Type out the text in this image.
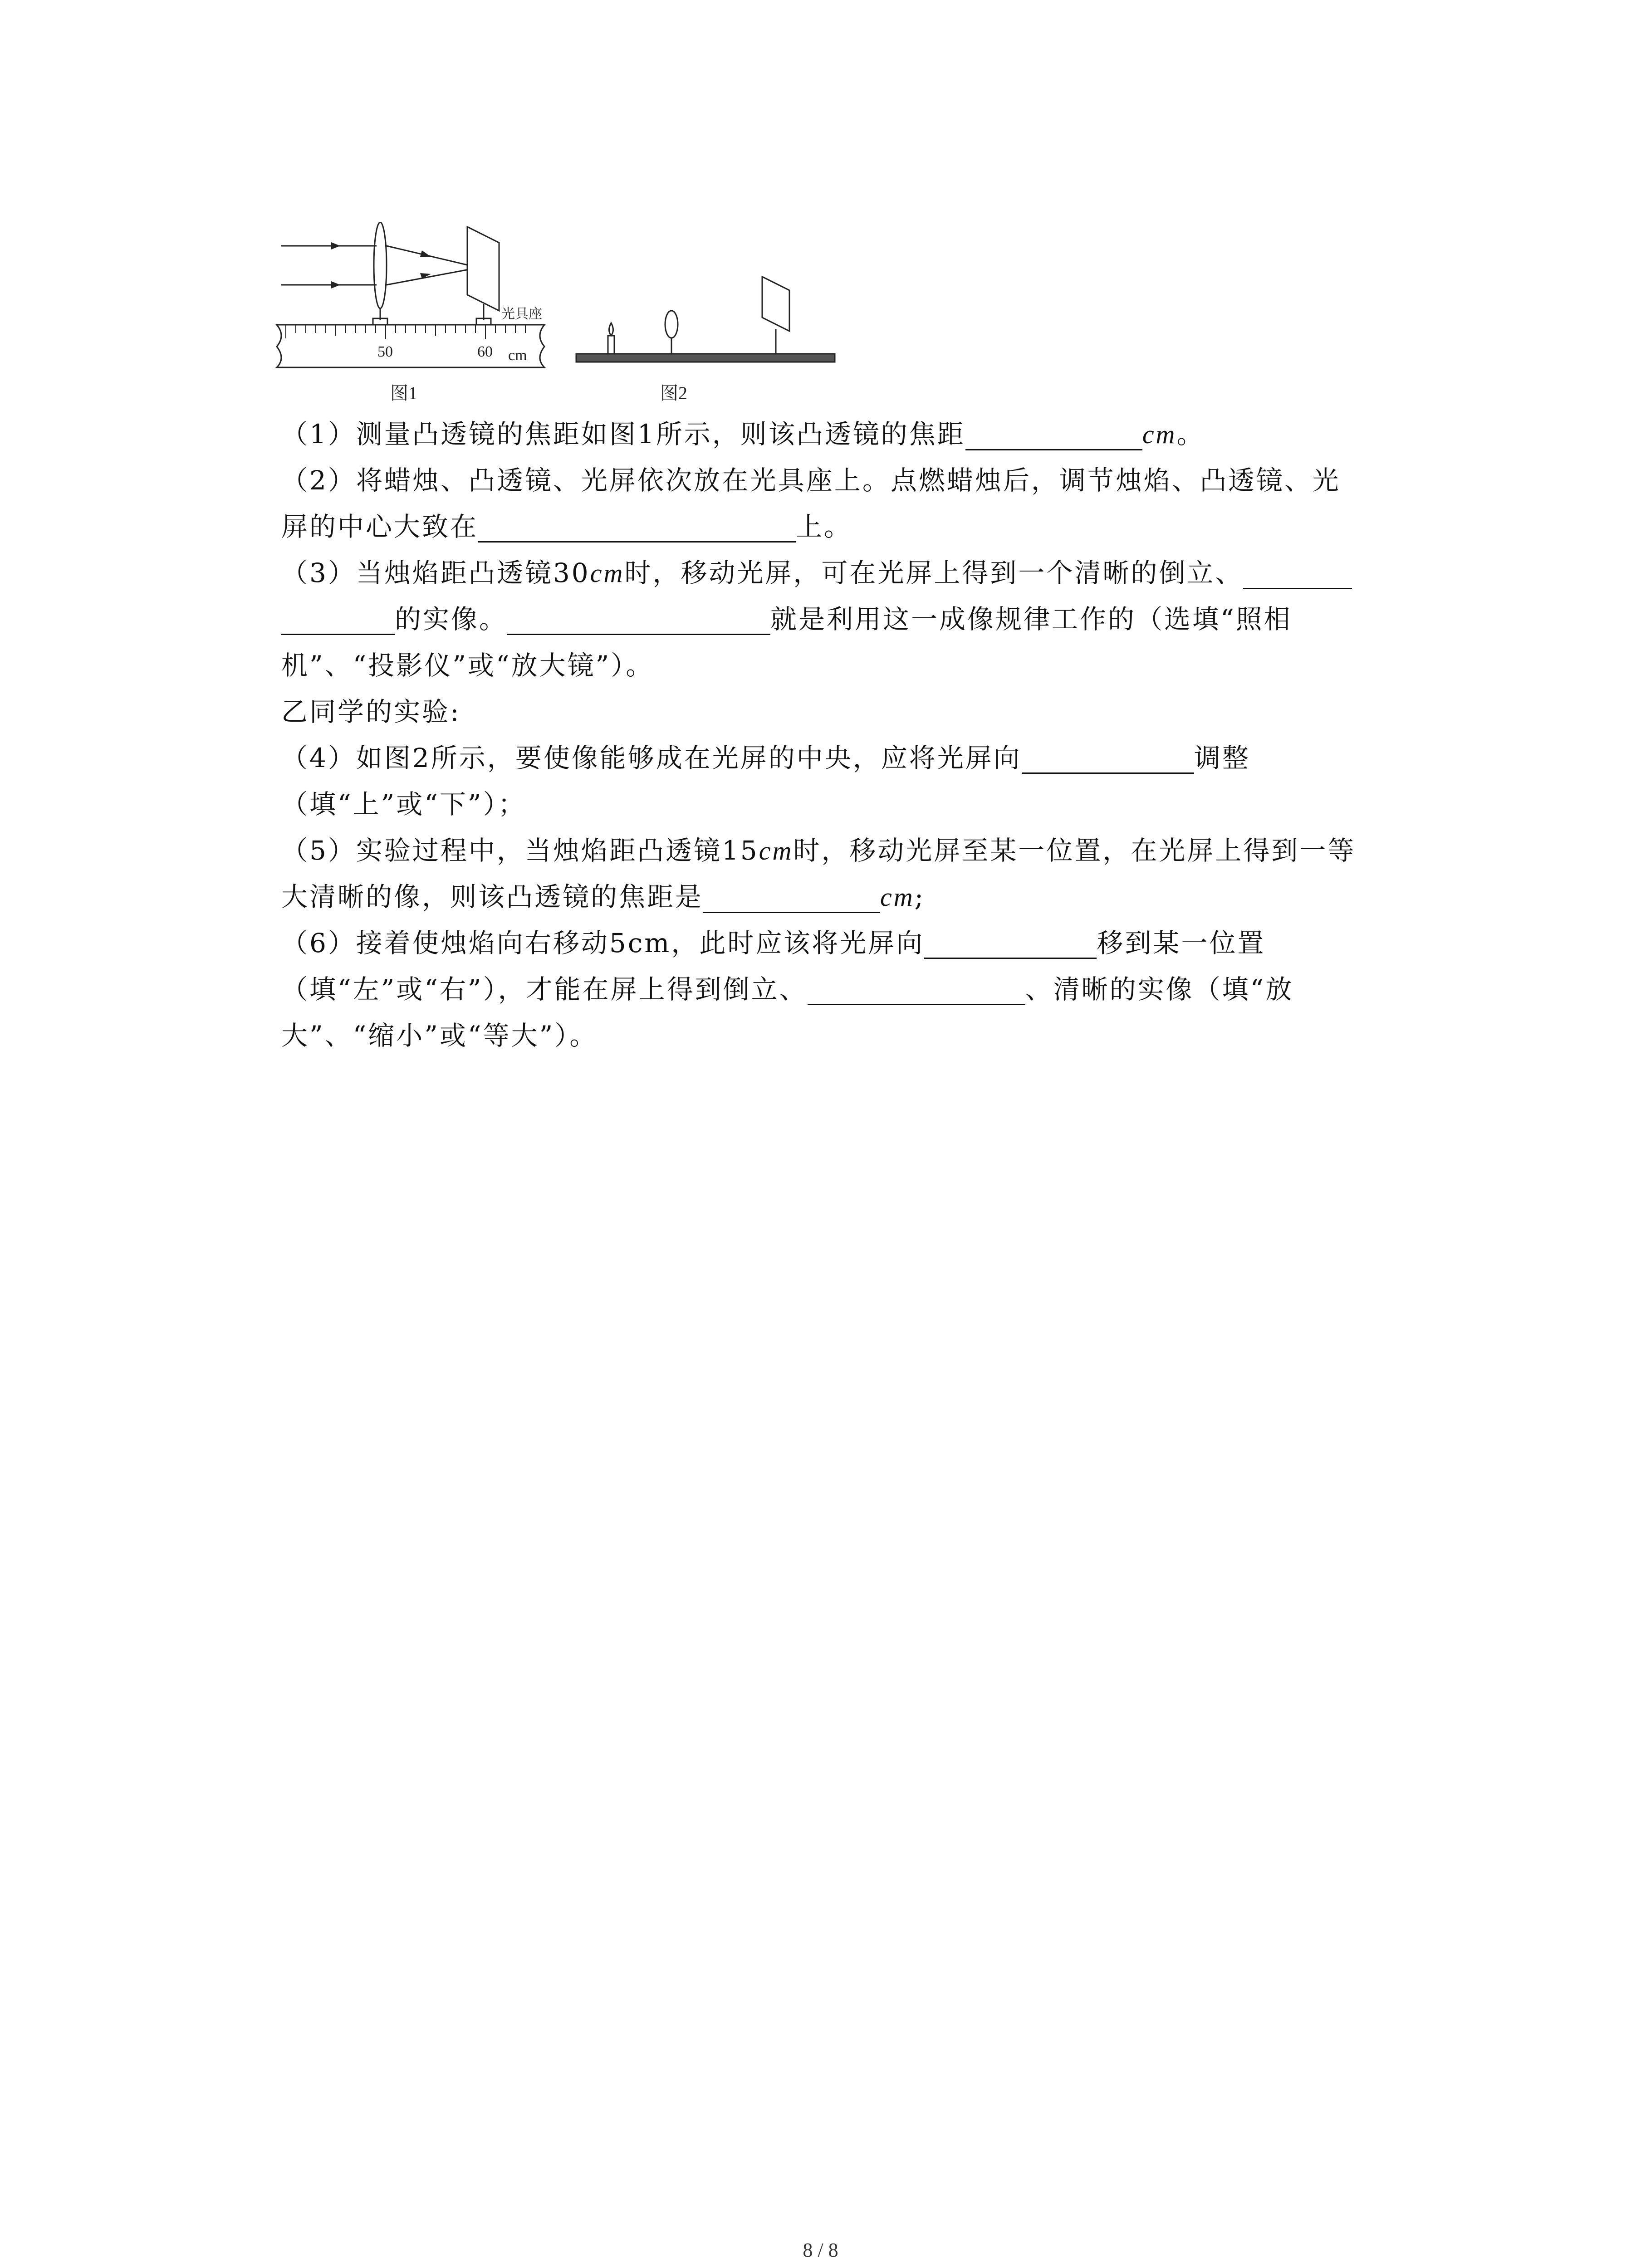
50	60 cm
光具座
图1	图2
（1）测量凸透镜的焦距如图1所示，则该凸透镜的焦距	cm。
（2）将蜡烛、凸透镜、光屏依次放在光具座上。点燃蜡烛后，调节烛焰、凸透镜、光
屏的中心大致在	上。
（3）当烛焰距凸透镜30cm时，移动光屏，可在光屏上得到一个清晰的倒立、
的实像。	就是利用这一成像规律工作的（选填“照相
机”、“投影仪”或“放大镜”）。
乙同学的实验:
（4）如图2所示，要使像能够成在光屏的中央，应将光屏向	调整
（填“上”或“下”）；
（5）实验过程中，当烛焰距凸透镜15cm时，移动光屏至某一位置，在光屏上得到一等
大清晰的像，则该凸透镜的焦距是	cm;
（6）接着使烛焰向右移动5cm，此时应该将光屏向	移到某一位置
（填“左”或“右”），才能在屏上得到倒立、	、清晰的实像（填“放
大”、“缩小”或“等大”）。
8 / 8
